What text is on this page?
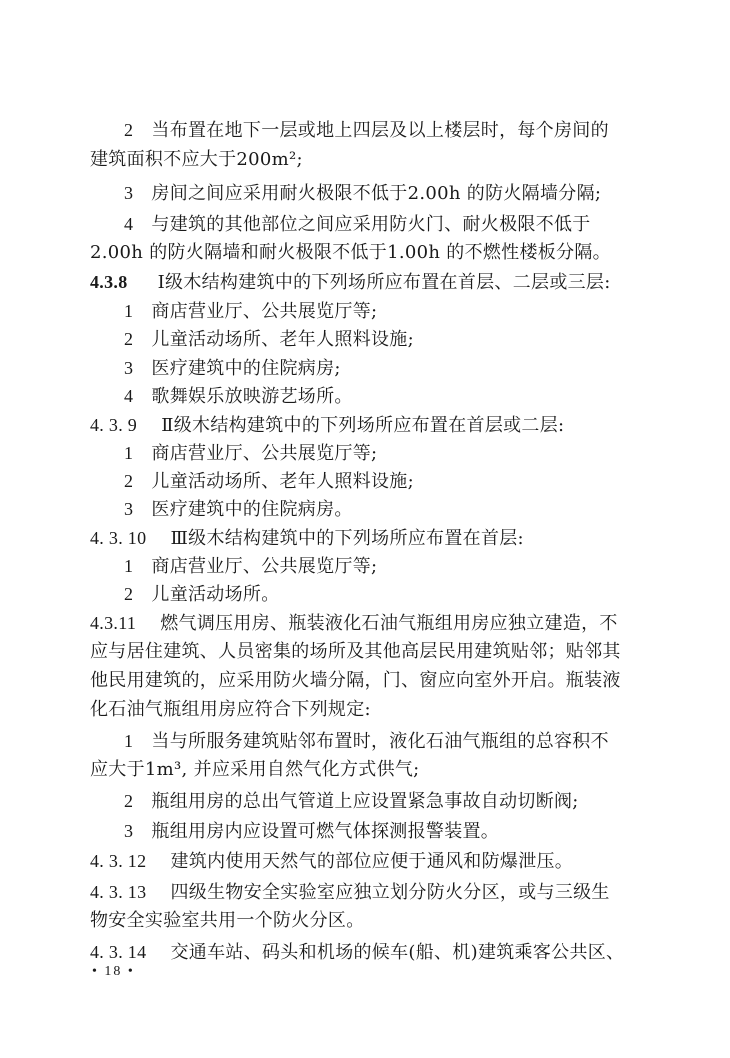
2 当布置在地下一层或地上四层及以上楼层时，每个房间的
建筑面积不应大于200m²;
3 房间之间应采用耐火极限不低于2.00h 的防火隔墙分隔;
4 与建筑的其他部位之间应采用防火门、耐火极限不低于
2.00h 的防火隔墙和耐火极限不低于1.00h 的不燃性楼板分隔。
4.3.8 Ⅰ级木结构建筑中的下列场所应布置在首层、二层或三层:
1 商店营业厅、公共展览厅等;
2 儿童活动场所、老年人照料设施;
3 医疗建筑中的住院病房;
4 歌舞娱乐放映游艺场所。
4. 3. 9 Ⅱ级木结构建筑中的下列场所应布置在首层或二层:
1 商店营业厅、公共展览厅等;
2 儿童活动场所、老年人照料设施;
3 医疗建筑中的住院病房。
4. 3. 10 Ⅲ级木结构建筑中的下列场所应布置在首层:
1 商店营业厅、公共展览厅等;
2 儿童活动场所。
4.3.11 燃气调压用房、瓶装液化石油气瓶组用房应独立建造，不
应与居住建筑、人员密集的场所及其他高层民用建筑贴邻；贴邻其
他民用建筑的，应采用防火墙分隔，门、窗应向室外开启。瓶装液
化石油气瓶组用房应符合下列规定:
1 当与所服务建筑贴邻布置时，液化石油气瓶组的总容积不
应大于1m³, 并应采用自然气化方式供气;
2 瓶组用房的总出气管道上应设置紧急事故自动切断阀;
3 瓶组用房内应设置可燃气体探测报警装置。
4. 3. 12 建筑内使用天然气的部位应便于通风和防爆泄压。
4. 3. 13 四级生物安全实验室应独立划分防火分区，或与三级生
物安全实验室共用一个防火分区。
4. 3. 14 交通车站、码头和机场的候车(船、机)建筑乘客公共区、
• 18 •
